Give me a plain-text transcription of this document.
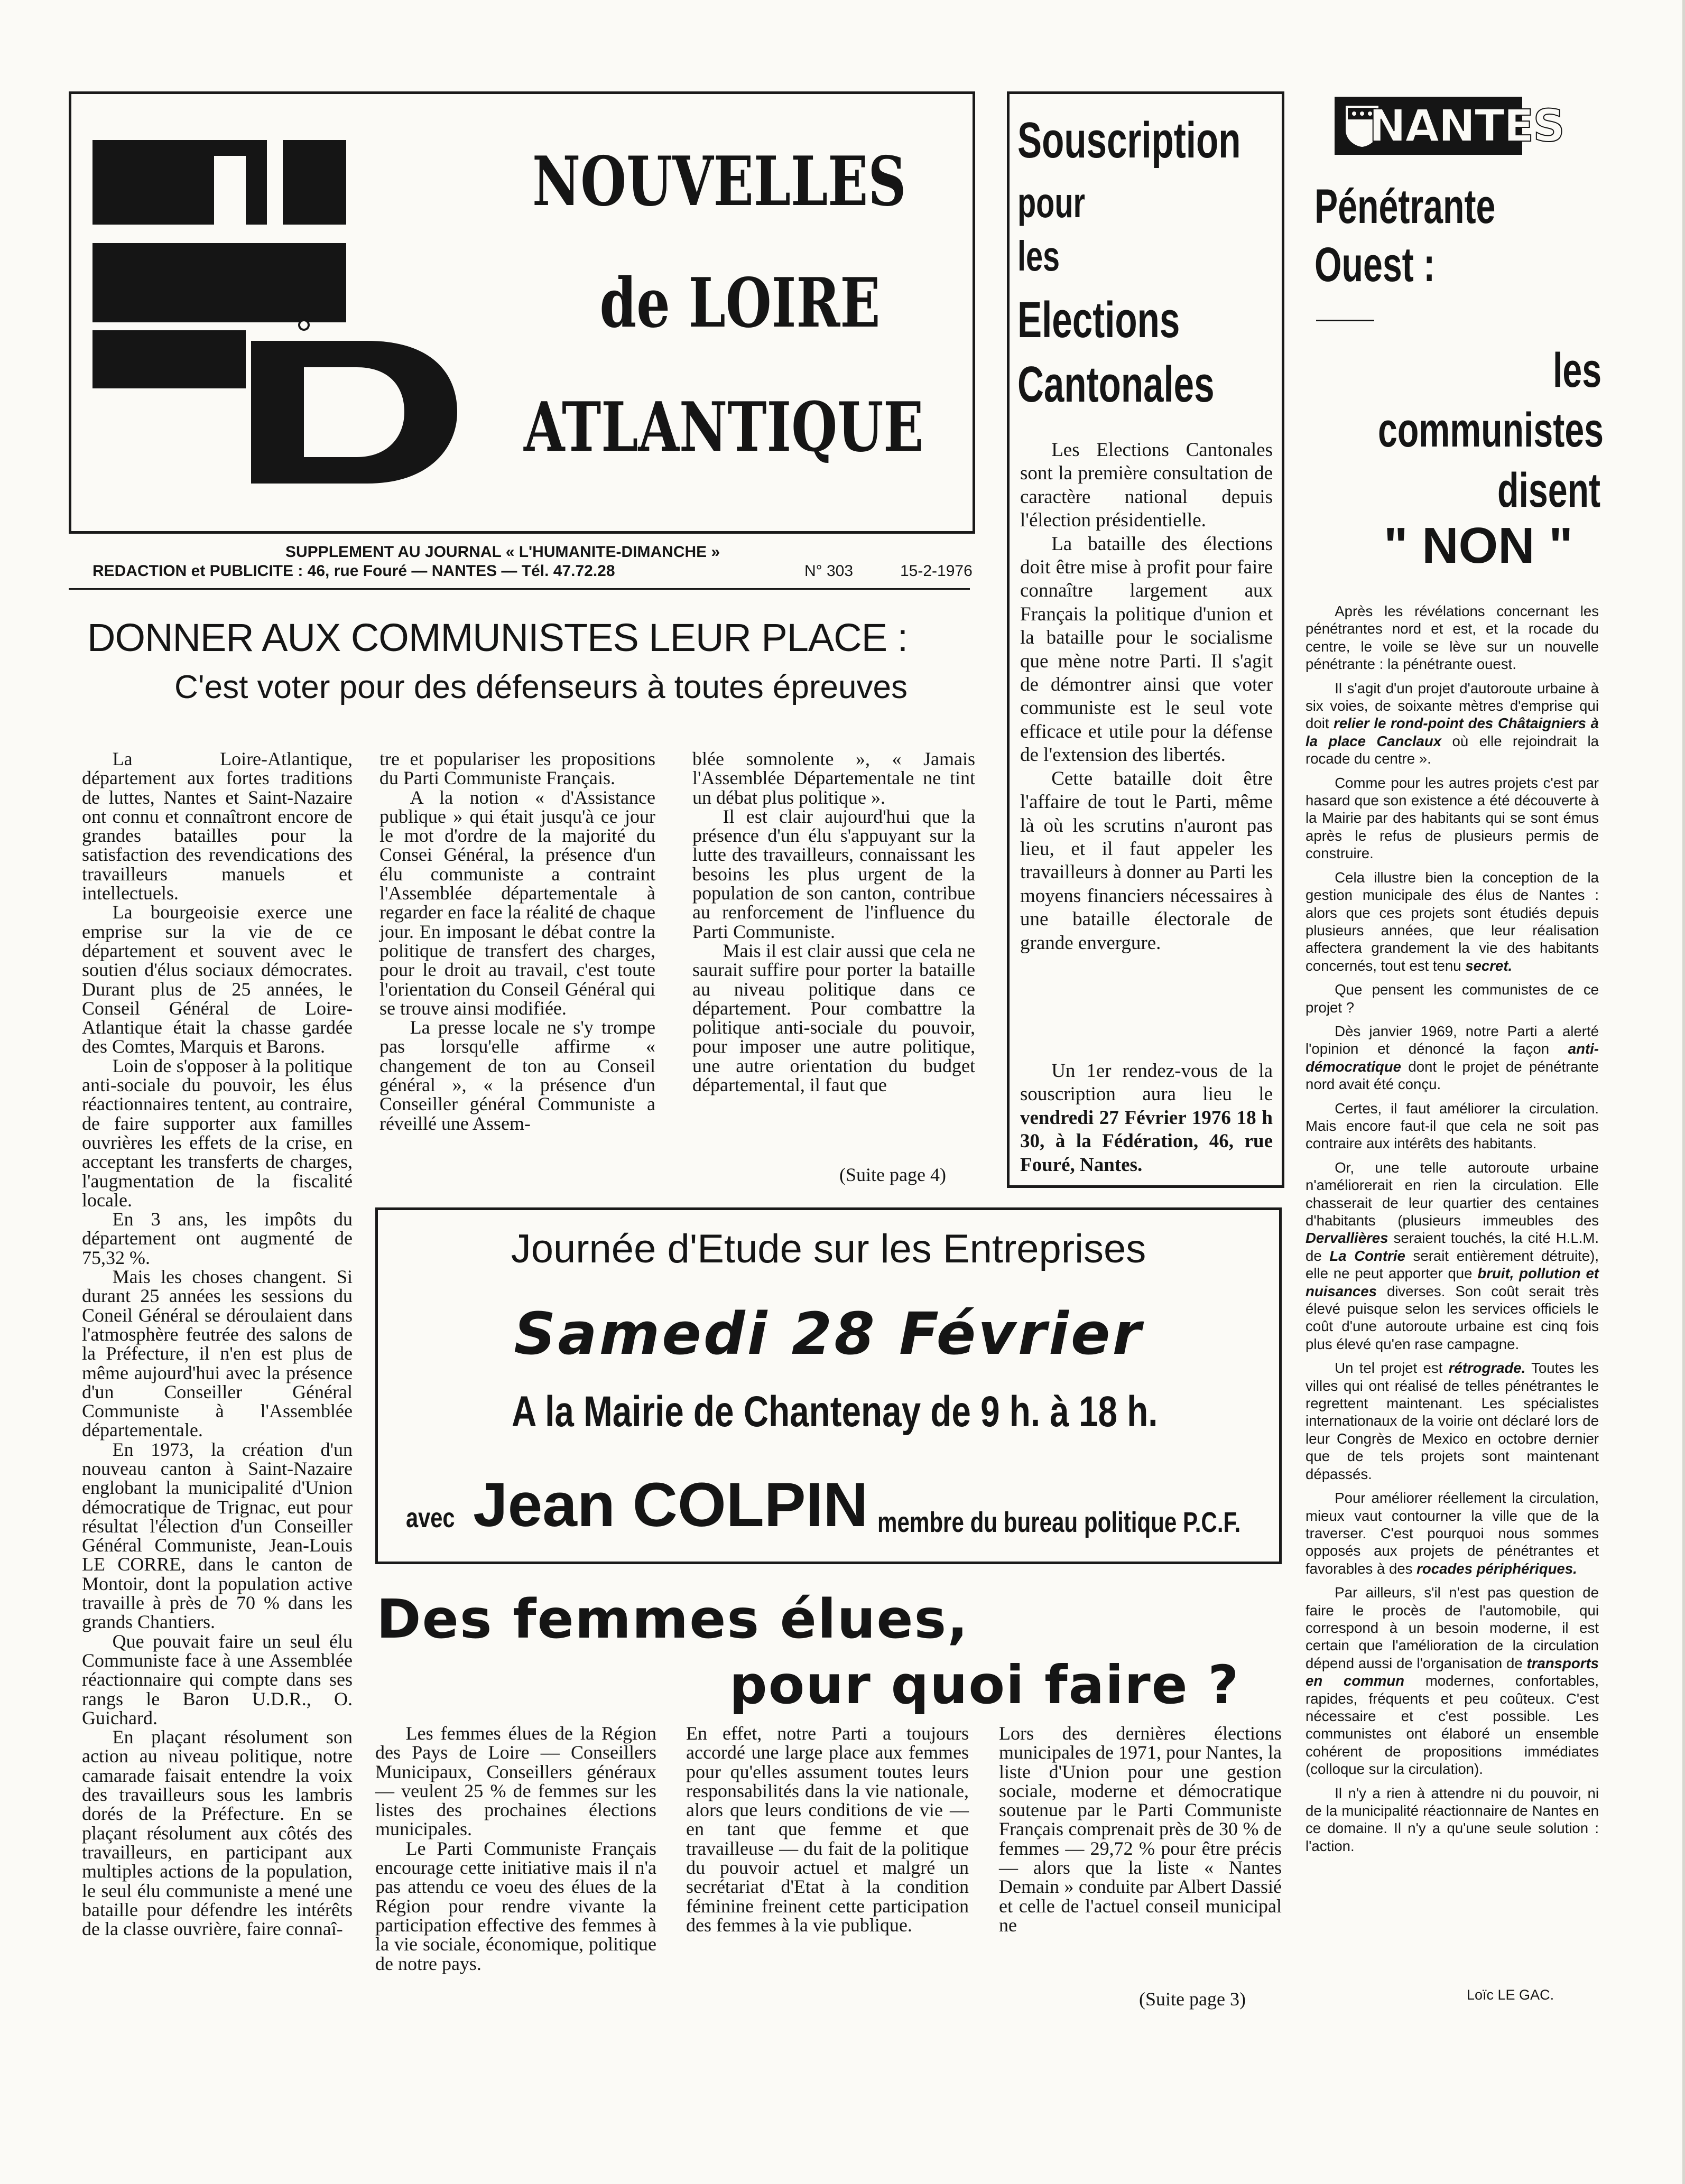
NOUVELLES
de LOIRE
ATLANTIQUE
SUPPLEMENT AU JOURNAL « L'HUMANITE-DIMANCHE »
REDACTION et PUBLICITE : 46, rue Fouré — NANTES — Tél. 47.72.28	N° 303	15-2-1976
DONNER AUX COMMUNISTES LEUR PLACE :
C'est voter pour des défenseurs à toutes épreuves

La Loire-Atlantique, département aux fortes traditions de luttes, Nantes et Saint-Nazaire ont connu et connaîtront encore de grandes batailles pour la satisfaction des revendications des travailleurs manuels et intellectuels.

La bourgeoisie exerce une emprise sur la vie de ce département et souvent avec le soutien d'élus sociaux démocrates. Durant plus de 25 années, le Conseil Général de Loire-Atlantique était la chasse gardée des Comtes, Marquis et Barons.

Loin de s'opposer à la politique anti-sociale du pouvoir, les élus réactionnaires tentent, au contraire, de faire supporter aux familles ouvrières les effets de la crise, en acceptant les transferts de charges, l'augmentation de la fiscalité locale.

En 3 ans, les impôts du département ont augmenté de 75,32 %.

Mais les choses changent. Si durant 25 années les sessions du Coneil Général se déroulaient dans l'atmosphère feutrée des salons de la Préfecture, il n'en est plus de même aujourd'hui avec la présence d'un Conseiller Général Communiste à l'Assemblée départementale.

En 1973, la création d'un nouveau canton à Saint-Nazaire englobant la municipalité d'Union démocratique de Trignac, eut pour résultat l'élection d'un Conseiller Général Communiste, Jean-Louis LE CORRE, dans le canton de Montoir, dont la population active travaille à près de 70 % dans les grands Chantiers.

Que pouvait faire un seul élu Communiste face à une Assemblée réactionnaire qui compte dans ses rangs le Baron U.D.R., O. Guichard.

En plaçant résolument son action au niveau politique, notre camarade faisait entendre la voix des travailleurs sous les lambris dorés de la Préfecture. En se plaçant résolument aux côtés des travailleurs, en participant aux multiples actions de la population, le seul élu communiste a mené une bataille pour défendre les intérêts de la classe ouvrière, faire connaî-

tre et populariser les propositions du Parti Communiste Français.

A la notion « d'Assistance publique » qui était jusqu'à ce jour le mot d'ordre de la majorité du Consei Général, la présence d'un élu communiste a contraint l'Assemblée départementale à regarder en face la réalité de chaque jour. En imposant le débat contre la politique de transfert des charges, pour le droit au travail, c'est toute l'orientation du Conseil Général qui se trouve ainsi modifiée.

La presse locale ne s'y trompe pas lorsqu'elle affirme « changement de ton au Conseil général », « la présence d'un Conseiller général Communiste a réveillé une Assem-

blée somnolente », « Jamais l'Assemblée Départementale ne tint un débat plus politique ».

Il est clair aujourd'hui que la présence d'un élu s'appuyant sur la lutte des travailleurs, connaissant les besoins les plus urgent de la population de son canton, contribue au renforcement de l'influence du Parti Communiste.

Mais il est clair aussi que cela ne saurait suffire pour porter la bataille au niveau politique dans ce département. Pour combattre la politique anti-sociale du pouvoir, pour imposer une autre politique, une autre orientation du budget départemental, il faut que

(Suite page 4)
Souscription
pour
les
Elections
Cantonales

Les Elections Cantonales sont la première consultation de caractère national depuis l'élection présidentielle.

La bataille des élections doit être mise à profit pour faire connaître largement aux Français la politique d'union et la bataille pour le socialisme que mène notre Parti. Il s'agit de démontrer ainsi que voter communiste est le seul vote efficace et utile pour la défense de l'extension des libertés.

Cette bataille doit être l'affaire de tout le Parti, même là où les scrutins n'auront pas lieu, et il faut appeler les travailleurs à donner au Parti les moyens financiers nécessaires à une bataille électorale de grande envergure.

Un 1er rendez-vous de la souscription aura lieu le vendredi 27 Février 1976 18 h 30, à la Fédération, 46, rue Fouré, Nantes.

Journée d'Etude sur les Entreprises
Samedi 28 Février
A la Mairie de Chantenay de 9 h. à 18 h.
avec Jean COLPIN membre du bureau politique P.C.F.
Des femmes élues,
pour quoi faire ?

Les femmes élues de la Région des Pays de Loire — Conseillers Municipaux, Conseillers généraux — veulent 25 % de femmes sur les listes des prochaines élections municipales.

Le Parti Communiste Français encourage cette initiative mais il n'a pas attendu ce voeu des élues de la Région pour rendre vivante la participation effective des femmes à la vie sociale, économique, politique de notre pays.

En effet, notre Parti a toujours accordé une large place aux femmes pour qu'elles assument toutes leurs responsabilités dans la vie nationale, alors que leurs conditions de vie — en tant que femme et que travailleuse — du fait de la politique du pouvoir actuel et malgré un secrétariat d'Etat à la condition féminine freinent cette participation des femmes à la vie publique.

Lors des dernières élections municipales de 1971, pour Nantes, la liste d'Union pour une gestion sociale, moderne et démocratique soutenue par le Parti Communiste Français comprenait près de 30 % de femmes — 29,72 % pour être précis — alors que la liste « Nantes Demain » conduite par Albert Dassié et celle de l'actuel conseil municipal ne

(Suite page 3)
NANTES
Pénétrante
Ouest :
les
communistes
disent
" NON "

Après les révélations concernant les pénétrantes nord et est, et la rocade du centre, le voile se lève sur un nouvelle pénétrante : la pénétrante ouest.

Il s'agit d'un projet d'autoroute urbaine à six voies, de soixante mètres d'emprise qui doit relier le rond-point des Châtaigniers à la place Canclaux où elle rejoindrait la rocade du centre ».

Comme pour les autres projets c'est par hasard que son existence a été découverte à la Mairie par des habitants qui se sont émus après le refus de plusieurs permis de construire.

Cela illustre bien la conception de la gestion municipale des élus de Nantes : alors que ces projets sont étudiés depuis plusieurs années, que leur réalisation affectera grandement la vie des habitants concernés, tout est tenu secret.

Que pensent les communistes de ce projet ?

Dès janvier 1969, notre Parti a alerté l'opinion et dénoncé la façon anti-démocratique dont le projet de pénétrante nord avait été conçu.

Certes, il faut améliorer la circulation. Mais encore faut-il que cela ne soit pas contraire aux intérêts des habitants.

Or, une telle autoroute urbaine n'améliorerait en rien la circulation. Elle chasserait de leur quartier des centaines d'habitants (plusieurs immeubles des Dervallières seraient touchés, la cité H.L.M. de La Contrie serait entièrement détruite), elle ne peut apporter que bruit, pollution et nuisances diverses. Son coût serait très élevé puisque selon les services officiels le coût d'une autoroute urbaine est cinq fois plus élevé qu'en rase campagne.

Un tel projet est rétrograde. Toutes les villes qui ont réalisé de telles pénétrantes le regrettent maintenant. Les spécialistes internationaux de la voirie ont déclaré lors de leur Congrès de Mexico en octobre dernier que de tels projets sont maintenant dépassés.

Pour améliorer réellement la circulation, mieux vaut contourner la ville que de la traverser. C'est pourquoi nous sommes opposés aux projets de pénétrantes et favorables à des rocades périphériques.

Par ailleurs, s'il n'est pas question de faire le procès de l'automobile, qui correspond à un besoin moderne, il est certain que l'amélioration de la circulation dépend aussi de l'organisation de transports en commun modernes, confortables, rapides, fréquents et peu coûteux. C'est nécessaire et c'est possible. Les communistes ont élaboré un ensemble cohérent de propositions immédiates (colloque sur la circulation).

Il n'y a rien à attendre ni du pouvoir, ni de la municipalité réactionnaire de Nantes en ce domaine. Il n'y a qu'une seule solution : l'action.

Loïc LE GAC.
